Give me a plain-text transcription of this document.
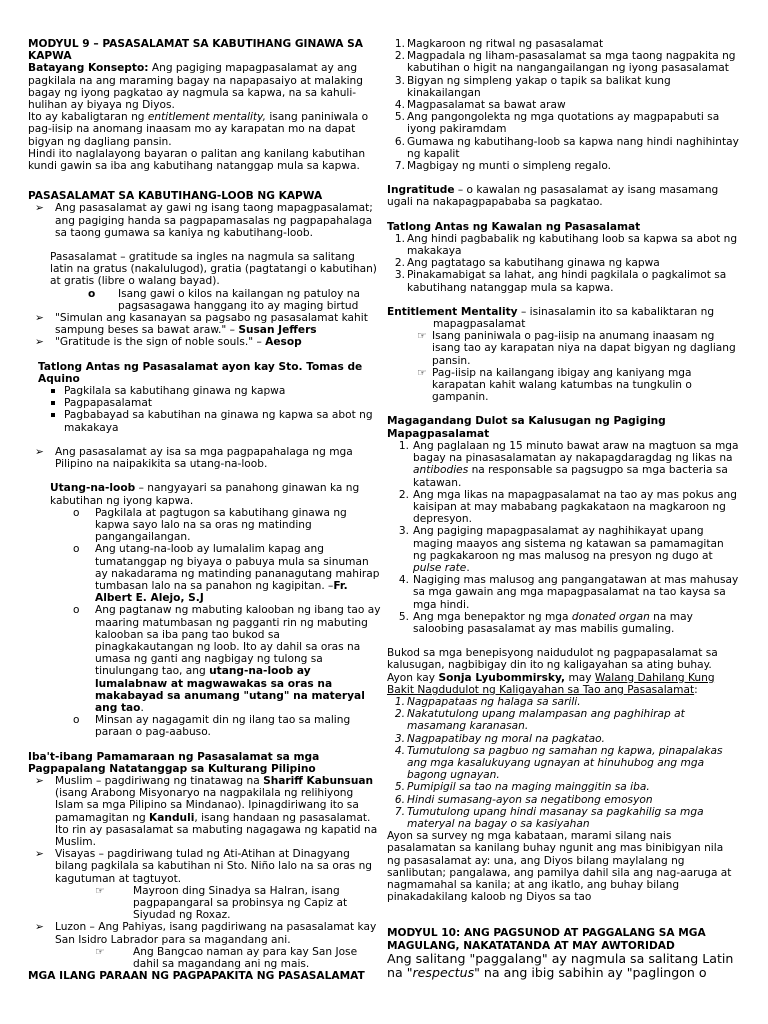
MODYUL 9 – PASASALAMAT SA KABUTIHANG GINAWA SA KAPWA

Batayang Konsepto: Ang pagiging mapagpasalamat ay ang pagkilala na ang maraming bagay na napapasaiyo at malaking bagay ng iyong pagkatao ay nagmula sa kapwa, na sa kahuli-hulihan ay biyaya ng Diyos.

Ito ay kabaligtaran ng entitlement mentality, isang paniniwala o pag-iisip na anomang inaasam mo ay karapatan mo na dapat bigyan ng dagliang pansin.

Hindi ito naglalayong bayaran o palitan ang kanilang kabutihan kundi gawin sa iba ang kabutihang natanggap mula sa kapwa.

PASASALAMAT SA KABUTIHANG-LOOB NG KAPWA

➢ Ang pasasalamat ay gawi ng isang taong mapagpasalamat; ang pagiging handa sa pagpapamasalas ng pagpapahalaga sa taong gumawa sa kaniya ng kabutihang-loob.

Pasasalamat – gratitude sa ingles na nagmula sa salitang latin na gratus (nakalulugod), gratia (pagtatangi o kabutihan) at gratis (libre o walang bayad).

o Isang gawi o kilos na kailangan ng patuloy na pagsasagawa hanggang ito ay maging birtud
➢ "Simulan ang kasanayan sa pagsabo ng pasasalamat kahit sampung beses sa bawat araw." – Susan Jeffers
➢ "Gratitude is the sign of noble souls." – Aesop

Tatlong Antas ng Pasasalamat ayon kay Sto. Tomas de Aquino

Pagkilala sa kabutihang ginawa ng kapwa
Pagpapasalamat
Pagbabayad sa kabutihan na ginawa ng kapwa sa abot ng makakaya
➢ Ang pasasalamat ay isa sa mga pagpapahalaga ng mga Pilipino na naipakikita sa utang-na-loob.

Utang-na-loob – nangyayari sa panahong ginawan ka ng kabutihan ng iyong kapwa.

o Pagkilala at pagtugon sa kabutihang ginawa ng kapwa sayo lalo na sa oras ng matinding pangangailangan.
o Ang utang-na-loob ay lumalalim kapag ang tumatanggap ng biyaya o pabuya mula sa sinuman ay nakadarama ng matinding pananagutang mahirap tumbasan lalo na sa panahon ng kagipitan. –Fr. Albert E. Alejo, S.J
o Ang pagtanaw ng mabuting kalooban ng ibang tao ay maaring matumbasan ng pagganti rin ng mabuting kalooban sa iba pang tao bukod sa pinagkakautangan ng loob. Ito ay dahil sa oras na umasa ng ganti ang nagbigay ng tulong sa tinulungang tao, ang utang-na-loob ay lumalabnaw at magwawakas sa oras na makabayad sa anumang "utang" na materyal ang tao.
o Minsan ay nagagamit din ng ilang tao sa maling paraan o pag-aabuso.

Iba't-ibang Pamamaraan ng Pasasalamat sa mga Pagpapalang Natatanggap sa Kulturang Pilipino

➢ Muslim – pagdiriwang ng tinatawag na Shariff Kabunsuan (isang Arabong Misyonaryo na nagpakilala ng relihiyong Islam sa mga Pilipino sa Mindanao). Ipinagdiriwang ito sa pamamagitan ng Kanduli, isang handaan ng pasasalamat. Ito rin ay pasasalamat sa mabuting nagagawa ng kapatid na Muslim.
➢ Visayas – pagdiriwang tulad ng Ati-Atihan at Dinagyang bilang pagkilala sa kabutihan ni Sto. Niño lalo na sa oras ng kagutuman at tagtuyot.
☞	Mayroon ding Sinadya sa Halran, isang pagpapangaral sa probinsya ng Capiz at Siyudad ng Roxaz.
➢ Luzon – Ang Pahiyas, isang pagdiriwang na pasasalamat kay San Isidro Labrador para sa magandang ani.
☞	Ang Bangcao naman ay para kay San Jose dahil sa magandang ani ng mais.

MGA ILANG PARAAN NG PAGPAPAKITA NG PASASALAMAT

1. Magkaroon ng ritwal ng pasasalamat
2. Magpadala ng liham-pasasalamat sa mga taong nagpakita ng kabutihan o higit na nangangailangan ng iyong pasasalamat
3. Bigyan ng simpleng yakap o tapik sa balikat kung kinakailangan
4. Magpasalamat sa bawat araw
5. Ang pangongolekta ng mga quotations ay magpapabuti sa iyong pakiramdam
6. Gumawa ng kabutihang-loob sa kapwa nang hindi naghihintay ng kapalit
7. Magbigay ng munti o simpleng regalo.

Ingratitude – o kawalan ng pasasalamat ay isang masamang ugali na nakapagpapababa sa pagkatao.

Tatlong Antas ng Kawalan ng Pasasalamat

1. Ang hindi pagbabalik ng kabutihang loob sa kapwa sa abot ng makakaya
2. Ang pagtatago sa kabutihang ginawa ng kapwa
3. Pinakamabigat sa lahat, ang hindi pagkilala o pagkalimot sa kabutihang natanggap mula sa kapwa.

Entitlement Mentality – isinasalamin ito sa kabaliktaran ng mapagpasalamat

☞ Isang paniniwala o pag-iisip na anumang inaasam ng isang tao ay karapatan niya na dapat bigyan ng dagliang pansin.
☞ Pag-iisip na kailangang ibigay ang kaniyang mga karapatan kahit walang katumbas na tungkulin o gampanin.

Magagandang Dulot sa Kalusugan ng Pagiging Mapagpasalamat

1. Ang paglalaan ng 15 minuto bawat araw na magtuon sa mga bagay na pinasasalamatan ay nakapagdaragdag ng likas na antibodies na responsable sa pagsugpo sa mga bacteria sa katawan.
2. Ang mga likas na mapagpasalamat na tao ay mas pokus ang kaisipan at may mababang pagkakataon na magkaroon ng depresyon.
3. Ang pagiging mapagpasalamat ay naghihikayat upang maging maayos ang sistema ng katawan sa pamamagitan ng pagkakaroon ng mas malusog na presyon ng dugo at pulse rate.
4. Nagiging mas malusog ang pangangatawan at mas mahusay sa mga gawain ang mga mapagpasalamat na tao kaysa sa mga hindi.
5. Ang mga benepaktor ng mga donated organ na may saloobing pasasalamat ay mas mabilis gumaling.

Bukod sa mga benepisyong naidudulot ng pagpapasalamat sa kalusugan, nagbibigay din ito ng kaligayahan sa ating buhay. Ayon kay Sonja Lyubommirsky, may Walang Dahilang Kung Bakit Nagdudulot ng Kaligayahan sa Tao ang Pasasalamat:

1. Nagpapataas ng halaga sa sarili.
2. Nakatutulong upang malampasan ang paghihirap at masamang karanasan.
3. Nagpapatibay ng moral na pagkatao.
4. Tumutulong sa pagbuo ng samahan ng kapwa, pinapalakas ang mga kasalukuyang ugnayan at hinuhubog ang mga bagong ugnayan.
5. Pumipigil sa tao na maging mainggitin sa iba.
6. Hindi sumasang-ayon sa negatibong emosyon
7. Tumutulong upang hindi masanay sa pagkahilig sa mga materyal na bagay o sa kasiyahan

Ayon sa survey ng mga kabataan, marami silang nais pasalamatan sa kanilang buhay ngunit ang mas binibigyan nila ng pasasalamat ay: una, ang Diyos bilang maylalang ng sanlibutan; pangalawa, ang pamilya dahil sila ang nag-aaruga at nagmamahal sa kanila; at ang ikatlo, ang buhay bilang pinakadakilang kaloob ng Diyos sa tao

MODYUL 10: ANG PAGSUNOD AT PAGGALANG SA MGA MAGULANG, NAKATATANDA AT MAY AWTORIDAD

Ang salitang "paggalang" ay nagmula sa salitang Latin na "respectus" na ang ibig sabihin ay "paglingon o
